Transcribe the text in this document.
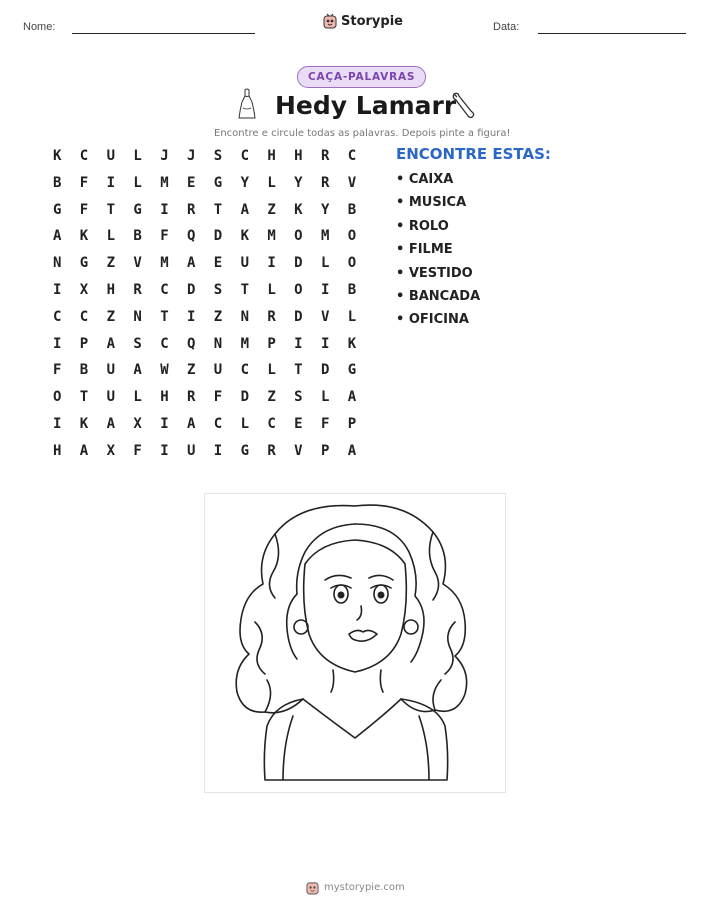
Nome:	Storypie	Data:
CAÇA-PALAVRAS
Hedy Lamarr
Encontre e circule todas as palavras. Depois pinte a figura!
K	C	U	L	J	J	S	C	H	H	R	C
B	F	I	L	M	E	G	Y	L	Y	R	V
G	F	T	G	I	R	T	A	Z	K	Y	B
A	K	L	B	F	Q	D	K	M	O	M	O
N	G	Z	V	M	A	E	U	I	D	L	O
I	X	H	R	C	D	S	T	L	O	I	B
C	C	Z	N	T	I	Z	N	R	D	V	L
I	P	A	S	C	Q	N	M	P	I	I	K
F	B	U	A	W	Z	U	C	L	T	D	G
O	T	U	L	H	R	F	D	Z	S	L	A
I	K	A	X	I	A	C	L	C	E	F	P
H	A	X	F	I	U	I	G	R	V	P	A
ENCONTRE ESTAS:
• CAIXA
• MUSICA
• ROLO
• FILME
• VESTIDO
• BANCADA
• OFICINA
mystorypie.com
